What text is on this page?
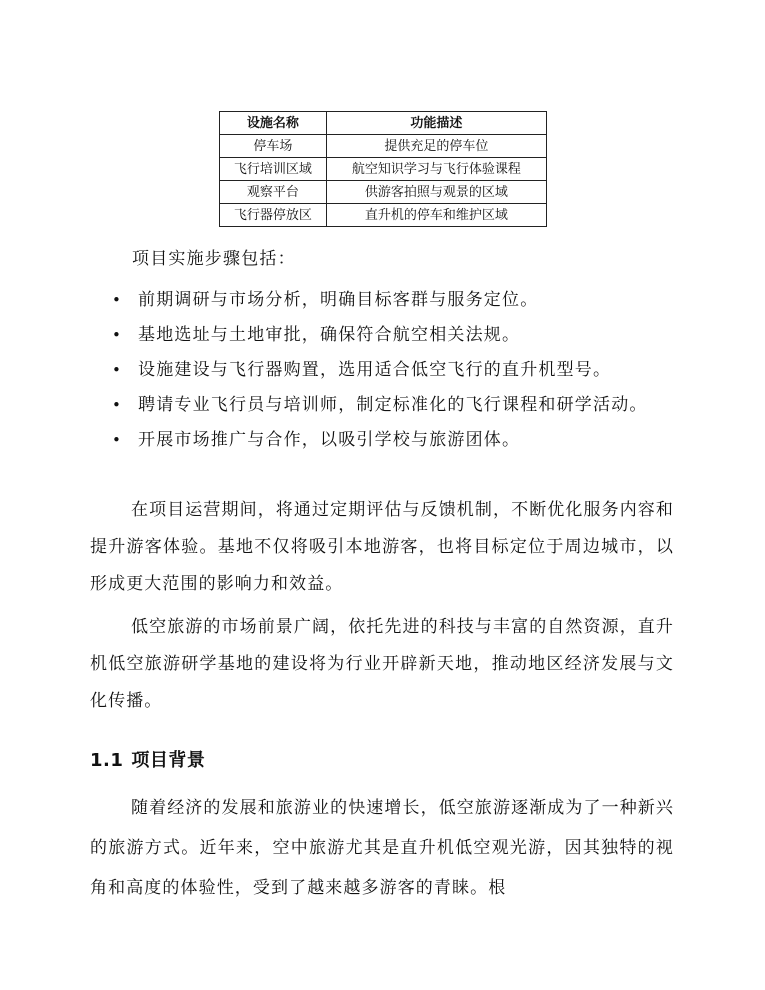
设施名称	功能描述
停车场	提供充足的停车位
飞行培训区域	航空知识学习与飞行体验课程
观察平台	供游客拍照与观景的区域
飞行器停放区	直升机的停车和维护区域
项目实施步骤包括：
• 前期调研与市场分析，明确目标客群与服务定位。
• 基地选址与土地审批，确保符合航空相关法规。
• 设施建设与飞行器购置，选用适合低空飞行的直升机型号。
• 聘请专业飞行员与培训师，制定标准化的飞行课程和研学活动。
• 开展市场推广与合作，以吸引学校与旅游团体。

在项目运营期间，将通过定期评估与反馈机制，不断优化服务内容和提升游客体验。基地不仅将吸引本地游客，也将目标定位于周边城市，以形成更大范围的影响力和效益。

低空旅游的市场前景广阔，依托先进的科技与丰富的自然资源，直升机低空旅游研学基地的建设将为行业开辟新天地，推动地区经济发展与文化传播。

1.1 项目背景

随着经济的发展和旅游业的快速增长，低空旅游逐渐成为了一种新兴的旅游方式。近年来，空中旅游尤其是直升机低空观光游，因其独特的视角和高度的体验性，受到了越来越多游客的青睐。根
